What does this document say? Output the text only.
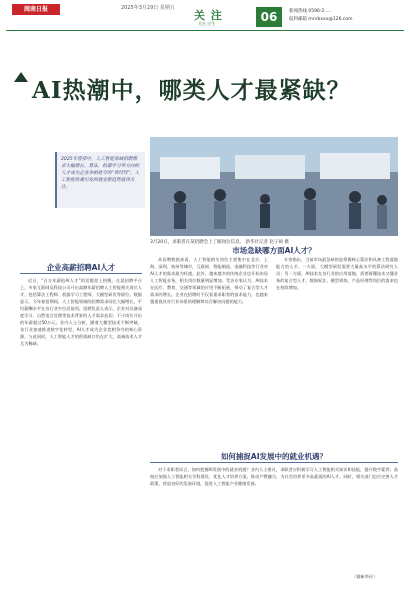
闽南日报	2025年3月29日 星期五
关 注
关注 民生	06	新闻热线 0596-2.....
报料邮箱 mnrbxxx@126.com
AI热潮中，哪类人才最紧缺？
2025年春招中，人工智能领域招聘需求大幅增长。算法、机器学习等方向的人才成为企业争相抢夺的“香饽饽”。人工智能热潮引发的就业新趋势值得关注。
3月20日，求职者在某招聘会上了解岗位信息。 新华社记者 赵子硕 摄
企业高薪招聘AI人才

近日，“百万年薪抢AI人才”的话题登上热搜。在某招聘平台上，多家互联网及科技公司开出高额年薪招聘人工智能相关岗位人才，包括算法工程师、机器学习工程师、大模型研发等职位。数据显示，今年春招期间，人工智能领域的招聘需求同比大幅增长，平均薪酬水平在各行业中位居前列。招聘负责人表示，企业对具备深度学习、自然语言处理等技术背景的人才需求迫切，不少岗位开出的年薪超过50万元。业内人士分析，随着大模型技术不断突破，各行业加速推进数字化转型，AI人才成为企业竞相争夺的核心资源。与此同时，人工智能人才的供需缺口仍在扩大，高端技术人才尤为稀缺。

市场急缺哪方面AI人才？

从招聘数据来看，人工智能相关岗位主要集中在北京、上海、深圳、杭州等城市，互联网、智能制造、金融科技等行业对AI人才的需求最为旺盛。此外，越来越多的传统企业也开始布局人工智能业务，相关岗位数量明显增加。受访专家认为，AI技术在医疗、教育、交通等领域的应用不断拓展，带动了复合型人才需求的增长。企业在招聘时不仅看重求职者的技术能力，也越来越重视其对行业场景的理解和综合解决问题的能力。

专家指出，当前市场最急缺的是掌握核心算法和具备工程落地能力的人才。一方面，大模型研发需要大量高水平的算法研究人员；另一方面，AI技术在各行业的应用落地，需要既懂技术又懂业务的复合型人才。数据标注、模型训练、产品经理等岗位的需求也在持续增加。

如何捕捉AI发展中的就业机遇？

对于求职者而言，如何把握AI发展中的就业机遇？业内人士建议，求职者应积极学习人工智能相关知识和技能，提升数字素养；高校应加强人工智能相关学科建设，优化人才培养方案，推动产教融合，为社会培养更多高素质的AI人才。同时，相关部门也应完善人才政策，营造良好的发展环境，促进人工智能产业健康发展。

（据新华社）
